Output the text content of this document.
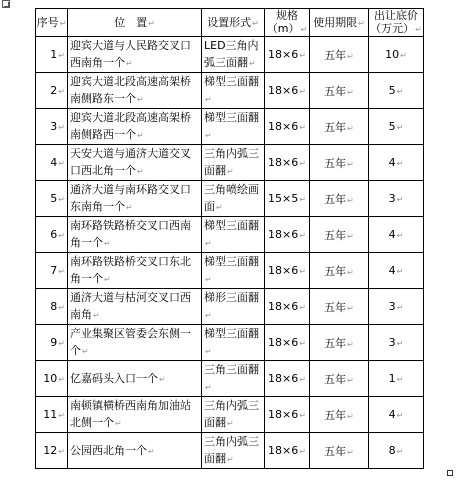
序号↵	位　置↵	设置形式↵	规格（m）↵	使用期限↵	出让底价
（万元）↵

1↵	迎宾大道与人民路交叉口西南角一个↵	LED三角内弧三面翻↵	18×6↵	五年↵	10↵
2↵	迎宾大道北段高速高架桥南侧路东一个↵	梯型三面翻↵	18×6↵	五年↵	5↵
3↵	迎宾大道北段高速高架桥南侧路西一个↵	梯型三面翻↵	18×6↵	五年↵	5↵
4↵	天安大道与通济大道交叉口西北角一个↵	三角内弧三面翻↵	18×6↵	五年↵	4↵
5↵	通济大道与南环路交叉口东南角一个↵	三角喷绘画面↵	15×5↵	五年↵	3↵
6↵	南环路铁路桥交叉口西南角一个↵	梯型三面翻↵	18×6↵	五年↵	4↵
7↵	南环路铁路桥交叉口东北角一个↵	梯型三面翻↵	18×6↵	五年↵	4↵
8↵	通济大道与枯河交叉口西南角↵	梯形三面翻↵	18×6↵	五年↵	3↵
9↵	产业集聚区管委会东侧一个↵	梯型三面翻↵	18×6↵	五年↵	3↵
10↵	亿嘉码头入口一个↵	三角三面翻↵	18×6↵	五年↵	1↵
11↵	南顿镇横桥西南角加油站北侧一个↵	三角内弧三面翻↵	18×6↵	五年↵	4↵
12↵	公园西北角一个↵	三角内弧三面翻↵	18×6↵	五年↵	8↵
